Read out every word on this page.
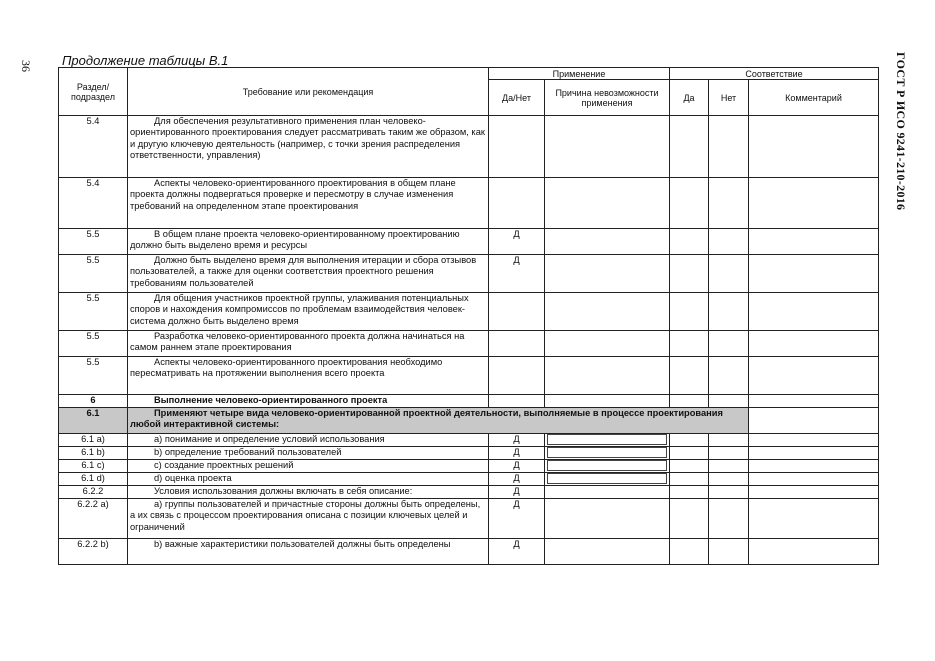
36	ГОСТ Р ИСО 9241-210-2016
Продолжение таблицы В.1
Раздел/ подраздел	Требование или рекомендация	Применение		Соответствие		
		Да/Нет	Причина невозможности применения	Да	Нет	Комментарий
5.4	Для обеспечения результативного применения план человеко-ориентированного проектирования следует рассматривать таким же образом, как и другую ключевую деятельность (например, с точки зрения распределения ответственности, управления)					
5.4	Аспекты человеко-ориентированного проектирования в общем плане проекта должны подвергаться проверке и пересмотру в случае изменения требований на определенном этапе проектирования					
5.5	В общем плане проекта человеко-ориентированному проектированию должно быть выделено время и ресурсы	Д				
5.5	Должно быть выделено время для выполнения итерации и сбора отзывов пользователей, а также для оценки соответствия проектного решения требованиям пользователей	Д				
5.5	Для общения участников проектной группы, улаживания потенциальных споров и нахождения компромиссов по проблемам взаимодействия человек-система должно быть выделено время					
5.5	Разработка человеко-ориентированного проекта должна начинаться на самом раннем этапе проектирования					
5.5	Аспекты человеко-ориентированного проектирования необходимо пересматривать на протяжении выполнения всего проекта					
6	Выполнение человеко-ориентированного проекта					
6.1	Применяют четыре вида человеко-ориентированной проектной деятельности, выполняемые в процессе проектирования любой интерактивной системы:					
6.1 a)	a) понимание и определение условий использования	Д	

6.1 b)	b) определение требований пользователей	Д	

6.1 c)	c) создание проектных решений	Д	

6.1 d)	d) оценка проекта	Д	

6.2.2	Условия использования должны включать в себя описание:	Д				
6.2.2 a)	a) группы пользователей и причастные стороны должны быть определены, а их связь с процессом проектирования описана с позиции ключевых целей и ограничений	Д				
6.2.2 b)	b) важные характеристики пользователей должны быть определены	Д				
